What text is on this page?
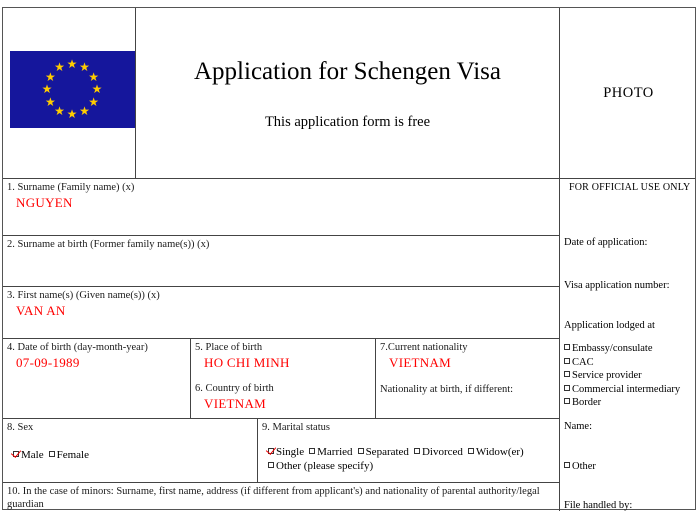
★ ★
★
★
★
★
★
★
★
★
★
★	Application for Schengen Visa
This application form is free
PHOTO
1. Surname (Family name) (x)
NGUYEN
2. Surname at birth (Former family name(s)) (x)
3. First name(s) (Given name(s)) (x)
VAN AN
4. Date of birth (day-month-year)
07-09-1989
5. Place of birth
HO CHI MINH
6. Country of birth
VIETNAM
7.Current nationality
VIETNAM
Nationality at birth, if different:
8. Sex
Male Female
9. Marital status
Single Married Separated Divorced Widow(er)
Other (please specify)
10. In the case of minors: Surname, first name, address (if different from applicant's) and nationality of parental authority/legal guardian
FOR OFFICIAL USE ONLY
Date of application:
Visa application number:
Application lodged at
Embassy/consulate
CAC
Service provider
Commercial intermediary
Border
Name:
Other
File handled by:
